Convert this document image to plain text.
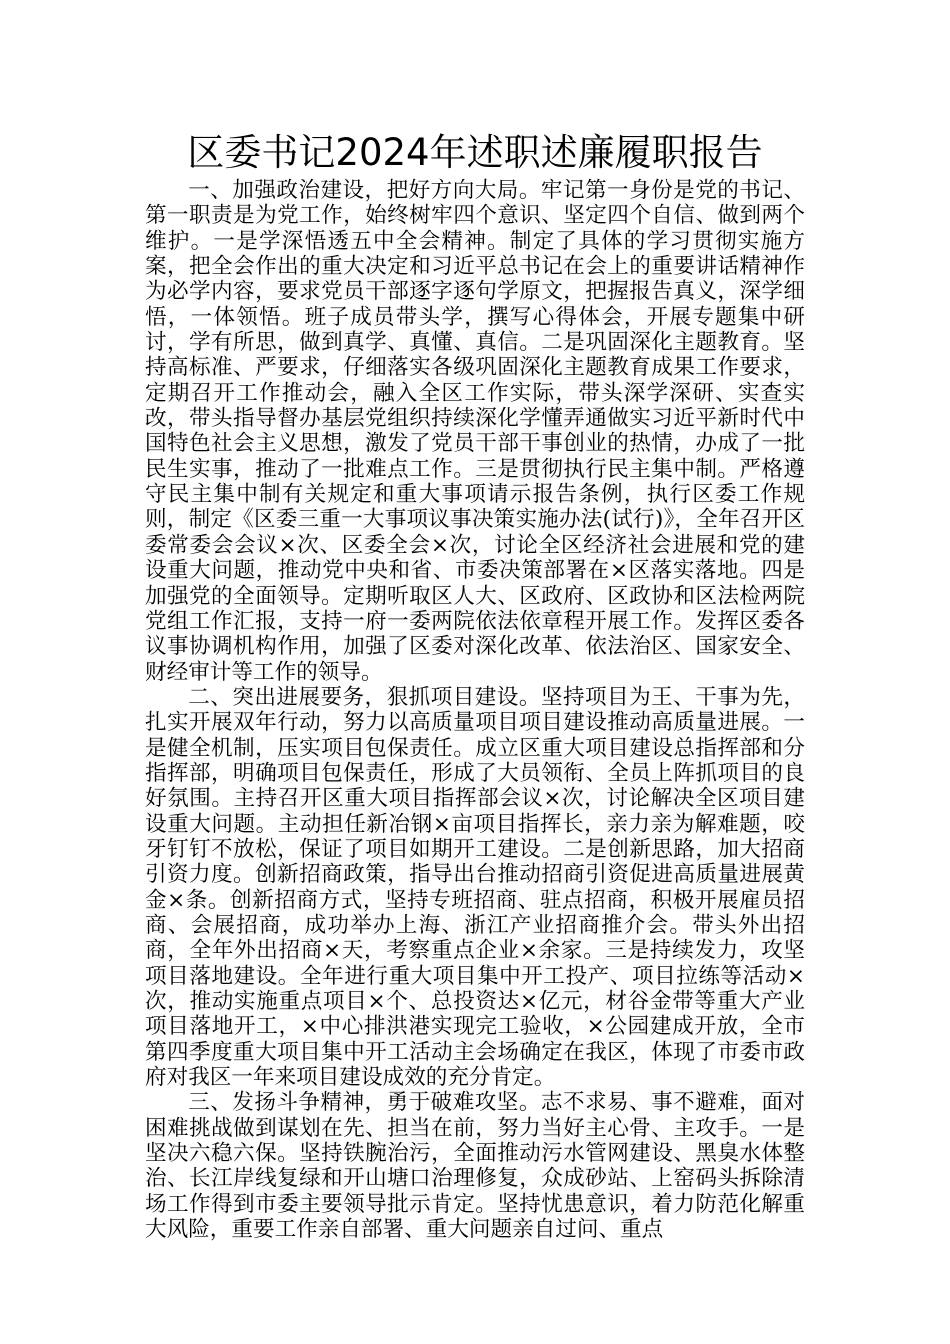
区委书记2024年述职述廉履职报告

一、加强政治建设，把好方向大局。牢记第一身份是党的书记、第一职责是为党工作，始终树牢四个意识、坚定四个自信、做到两个维护。一是学深悟透五中全会精神。制定了具体的学习贯彻实施方案，把全会作出的重大决定和习近平总书记在会上的重要讲话精神作为必学内容，要求党员干部逐字逐句学原文，把握报告真义，深学细悟，一体领悟。班子成员带头学，撰写心得体会，开展专题集中研讨，学有所思，做到真学、真懂、真信。二是巩固深化主题教育。坚持高标准、严要求，仔细落实各级巩固深化主题教育成果工作要求，定期召开工作推动会，融入全区工作实际，带头深学深研、实查实改，带头指导督办基层党组织持续深化学懂弄通做实习近平新时代中国特色社会主义思想，激发了党员干部干事创业的热情，办成了一批民生实事，推动了一批难点工作。三是贯彻执行民主集中制。严格遵守民主集中制有关规定和重大事项请示报告条例，执行区委工作规则，制定《区委三重一大事项议事决策实施办法(试行)》，全年召开区委常委会会议×次、区委全会×次，讨论全区经济社会进展和党的建设重大问题，推动党中央和省、市委决策部署在×区落实落地。四是加强党的全面领导。定期听取区人大、区政府、区政协和区法检两院党组工作汇报，支持一府一委两院依法依章程开展工作。发挥区委各议事协调机构作用，加强了区委对深化改革、依法治区、国家安全、财经审计等工作的领导。

二、突出进展要务，狠抓项目建设。坚持项目为王、干事为先，扎实开展双年行动，努力以高质量项目项目建设推动高质量进展。一是健全机制，压实项目包保责任。成立区重大项目建设总指挥部和分指挥部，明确项目包保责任，形成了大员领衔、全员上阵抓项目的良好氛围。主持召开区重大项目指挥部会议×次，讨论解决全区项目建设重大问题。主动担任新冶钢×亩项目指挥长，亲力亲为解难题，咬牙钉钉不放松，保证了项目如期开工建设。二是创新思路，加大招商引资力度。创新招商政策，指导出台推动招商引资促进高质量进展黄金×条。创新招商方式，坚持专班招商、驻点招商，积极开展雇员招商、会展招商，成功举办上海、浙江产业招商推介会。带头外出招商，全年外出招商×天，考察重点企业×余家。三是持续发力，攻坚项目落地建设。全年进行重大项目集中开工投产、项目拉练等活动×次，推动实施重点项目×个、总投资达×亿元，材谷金带等重大产业项目落地开工，×中心排洪港实现完工验收，×公园建成开放，全市第四季度重大项目集中开工活动主会场确定在我区，体现了市委市政府对我区一年来项目建设成效的充分肯定。

三、发扬斗争精神，勇于破难攻坚。志不求易、事不避难，面对困难挑战做到谋划在先、担当在前，努力当好主心骨、主攻手。一是坚决六稳六保。坚持铁腕治污，全面推动污水管网建设、黑臭水体整治、长江岸线复绿和开山塘口治理修复，众成砂站、上窑码头拆除清场工作得到市委主要领导批示肯定。坚持忧患意识，着力防范化解重大风险，重要工作亲自部署、重大问题亲自过问、重点
